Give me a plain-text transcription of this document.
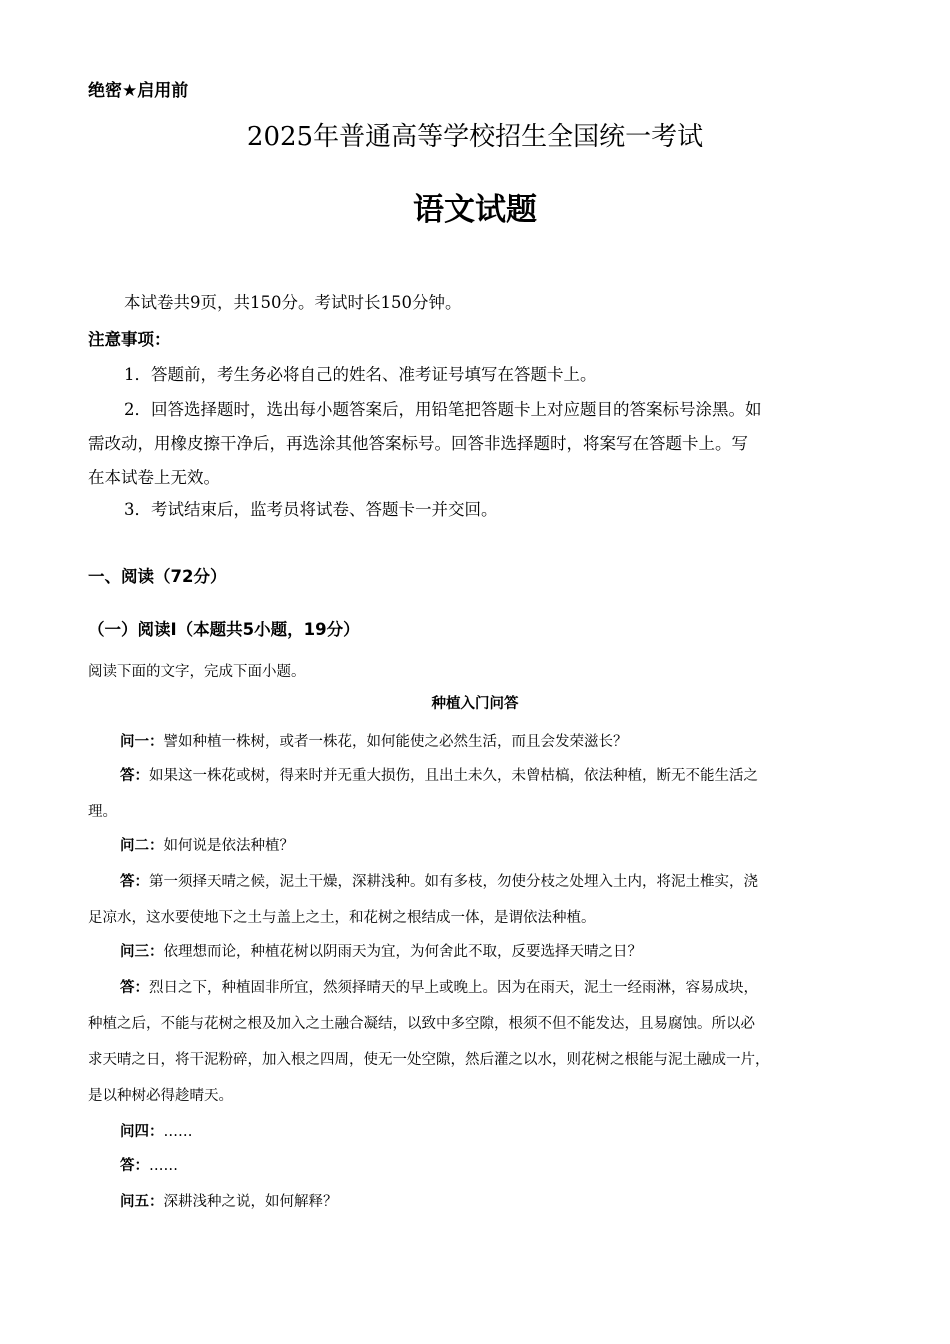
绝密★启用前

2025年普通高等学校招生全国统一考试

语文试题

本试卷共9页，共150分。考试时长150分钟。

注意事项：

1．答题前，考生务必将自己的姓名、准考证号填写在答题卡上。

2．回答选择题时，选出每小题答案后，用铅笔把答题卡上对应题目的答案标号涂黑。如

需改动，用橡皮擦干净后，再选涂其他答案标号。回答非选择题时，将案写在答题卡上。写

在本试卷上无效。

3．考试结束后，监考员将试卷、答题卡一并交回。

一、阅读（72分）

（一）阅读I（本题共5小题，19分）

阅读下面的文字，完成下面小题。

种植入门问答

问一：譬如种植一株树，或者一株花，如何能使之必然生活，而且会发荣滋长？

答：如果这一株花或树，得来时并无重大损伤，且出土未久，未曾枯槁，依法种植，断无不能生活之

理。

问二：如何说是依法种植？

答：第一须择天晴之候，泥土干燥，深耕浅种。如有多枝，勿使分枝之处埋入土内，将泥土椎实，浇

足凉水，这水要使地下之土与盖上之土，和花树之根结成一体，是谓依法种植。

问三：依理想而论，种植花树以阴雨天为宜，为何舍此不取，反要选择天晴之日？

答：烈日之下，种植固非所宜，然须择晴天的早上或晚上。因为在雨天，泥土一经雨淋，容易成块，

种植之后，不能与花树之根及加入之土融合凝结，以致中多空隙，根须不但不能发达，且易腐蚀。所以必

求天晴之日，将干泥粉碎，加入根之四周，使无一处空隙，然后灌之以水，则花树之根能与泥土融成一片，

是以种树必得趁晴天。

问四：……

答：……

问五：深耕浅种之说，如何解释？
